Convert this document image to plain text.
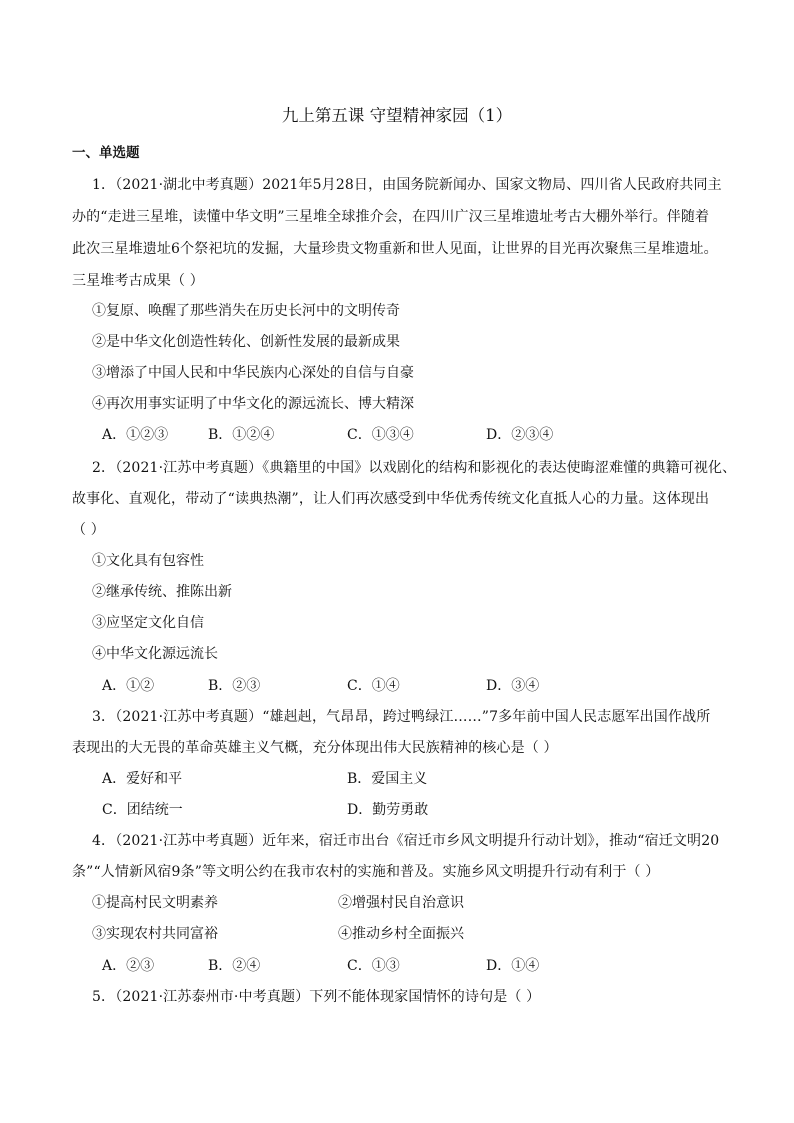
九上第五课 守望精神家园（1）
一、单选题
1．（2021·湖北中考真题）2021年5月28日，由国务院新闻办、国家文物局、四川省人民政府共同主
办的“走进三星堆，读懂中华文明”三星堆全球推介会，在四川广汉三星堆遗址考古大棚外举行。伴随着
此次三星堆遗址6个祭祀坑的发掘，大量珍贵文物重新和世人见面，让世界的目光再次聚焦三星堆遗址。
三星堆考古成果（ ）
①复原、唤醒了那些消失在历史长河中的文明传奇
②是中华文化创造性转化、创新性发展的最新成果
③增添了中国人民和中华民族内心深处的自信与自豪
④再次用事实证明了中华文化的源远流长、博大精深
A．①②③	B．①②④	C．①③④	D．②③④
2．（2021·江苏中考真题）《典籍里的中国》以戏剧化的结构和影视化的表达使晦涩难懂的典籍可视化、
故事化、直观化，带动了“读典热潮”，让人们再次感受到中华优秀传统文化直抵人心的力量。这体现出
（ ）
①文化具有包容性
②继承传统、推陈出新
③应坚定文化自信
④中华文化源远流长
A．①②	B．②③	C．①④	D．③④
3．（2021·江苏中考真题）“雄赳赳，气昂昂，跨过鸭绿江……”7多年前中国人民志愿军出国作战所
表现出的大无畏的革命英雄主义气概，充分体现出伟大民族精神的核心是（ ）
A．爱好和平	B．爱国主义
C．团结统一	D．勤劳勇敢
4．（2021·江苏中考真题）近年来，宿迁市出台《宿迁市乡风文明提升行动计划》，推动“宿迁文明20
条”“人情新风宿9条”等文明公约在我市农村的实施和普及。实施乡风文明提升行动有利于（ ）
①提高村民文明素养	②增强村民自治意识
③实现农村共同富裕	④推动乡村全面振兴
A．②③	B．②④	C．①③	D．①④
5．（2021·江苏泰州市·中考真题）下列不能体现家国情怀的诗句是（ ）
